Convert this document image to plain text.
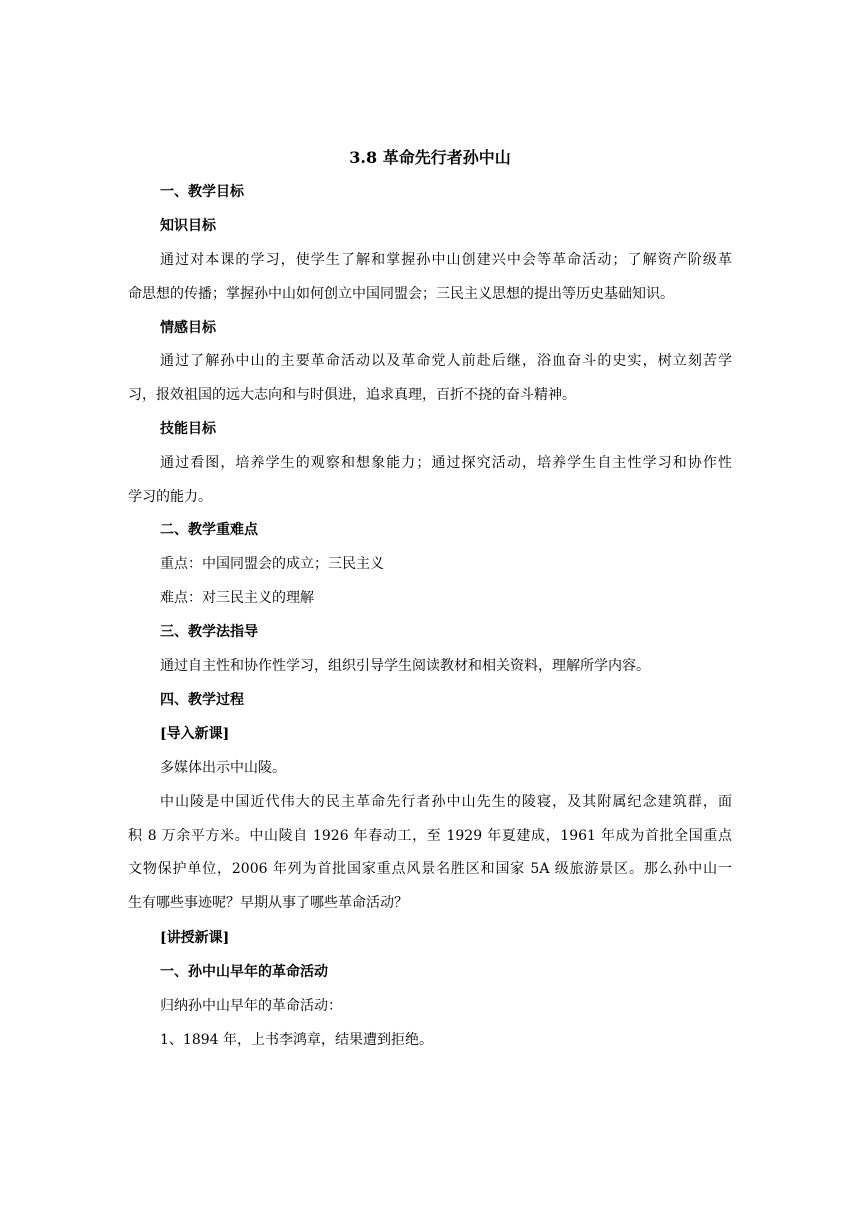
3.8 革命先行者孙中山
一、教学目标
知识目标
通过对本课的学习，使学生了解和掌握孙中山创建兴中会等革命活动；了解资产阶级革
命思想的传播；掌握孙中山如何创立中国同盟会；三民主义思想的提出等历史基础知识。
情感目标
通过了解孙中山的主要革命活动以及革命党人前赴后继，浴血奋斗的史实，树立刻苦学
习，报效祖国的远大志向和与时俱进，追求真理，百折不挠的奋斗精神。
技能目标
通过看图，培养学生的观察和想象能力；通过探究活动，培养学生自主性学习和协作性
学习的能力。
二、教学重难点
重点：中国同盟会的成立；三民主义
难点：对三民主义的理解
三、教学法指导
通过自主性和协作性学习，组织引导学生阅读教材和相关资料，理解所学内容。
四、教学过程
[导入新课]
多媒体出示中山陵。
中山陵是中国近代伟大的民主革命先行者孙中山先生的陵寝，及其附属纪念建筑群，面
积 8 万余平方米。中山陵自 1926 年春动工，至 1929 年夏建成，1961 年成为首批全国重点
文物保护单位，2006 年列为首批国家重点风景名胜区和国家 5A 级旅游景区。那么孙中山一
生有哪些事迹呢？早期从事了哪些革命活动？
[讲授新课]
一、孙中山早年的革命活动
归纳孙中山早年的革命活动：
1、1894 年，上书李鸿章，结果遭到拒绝。
